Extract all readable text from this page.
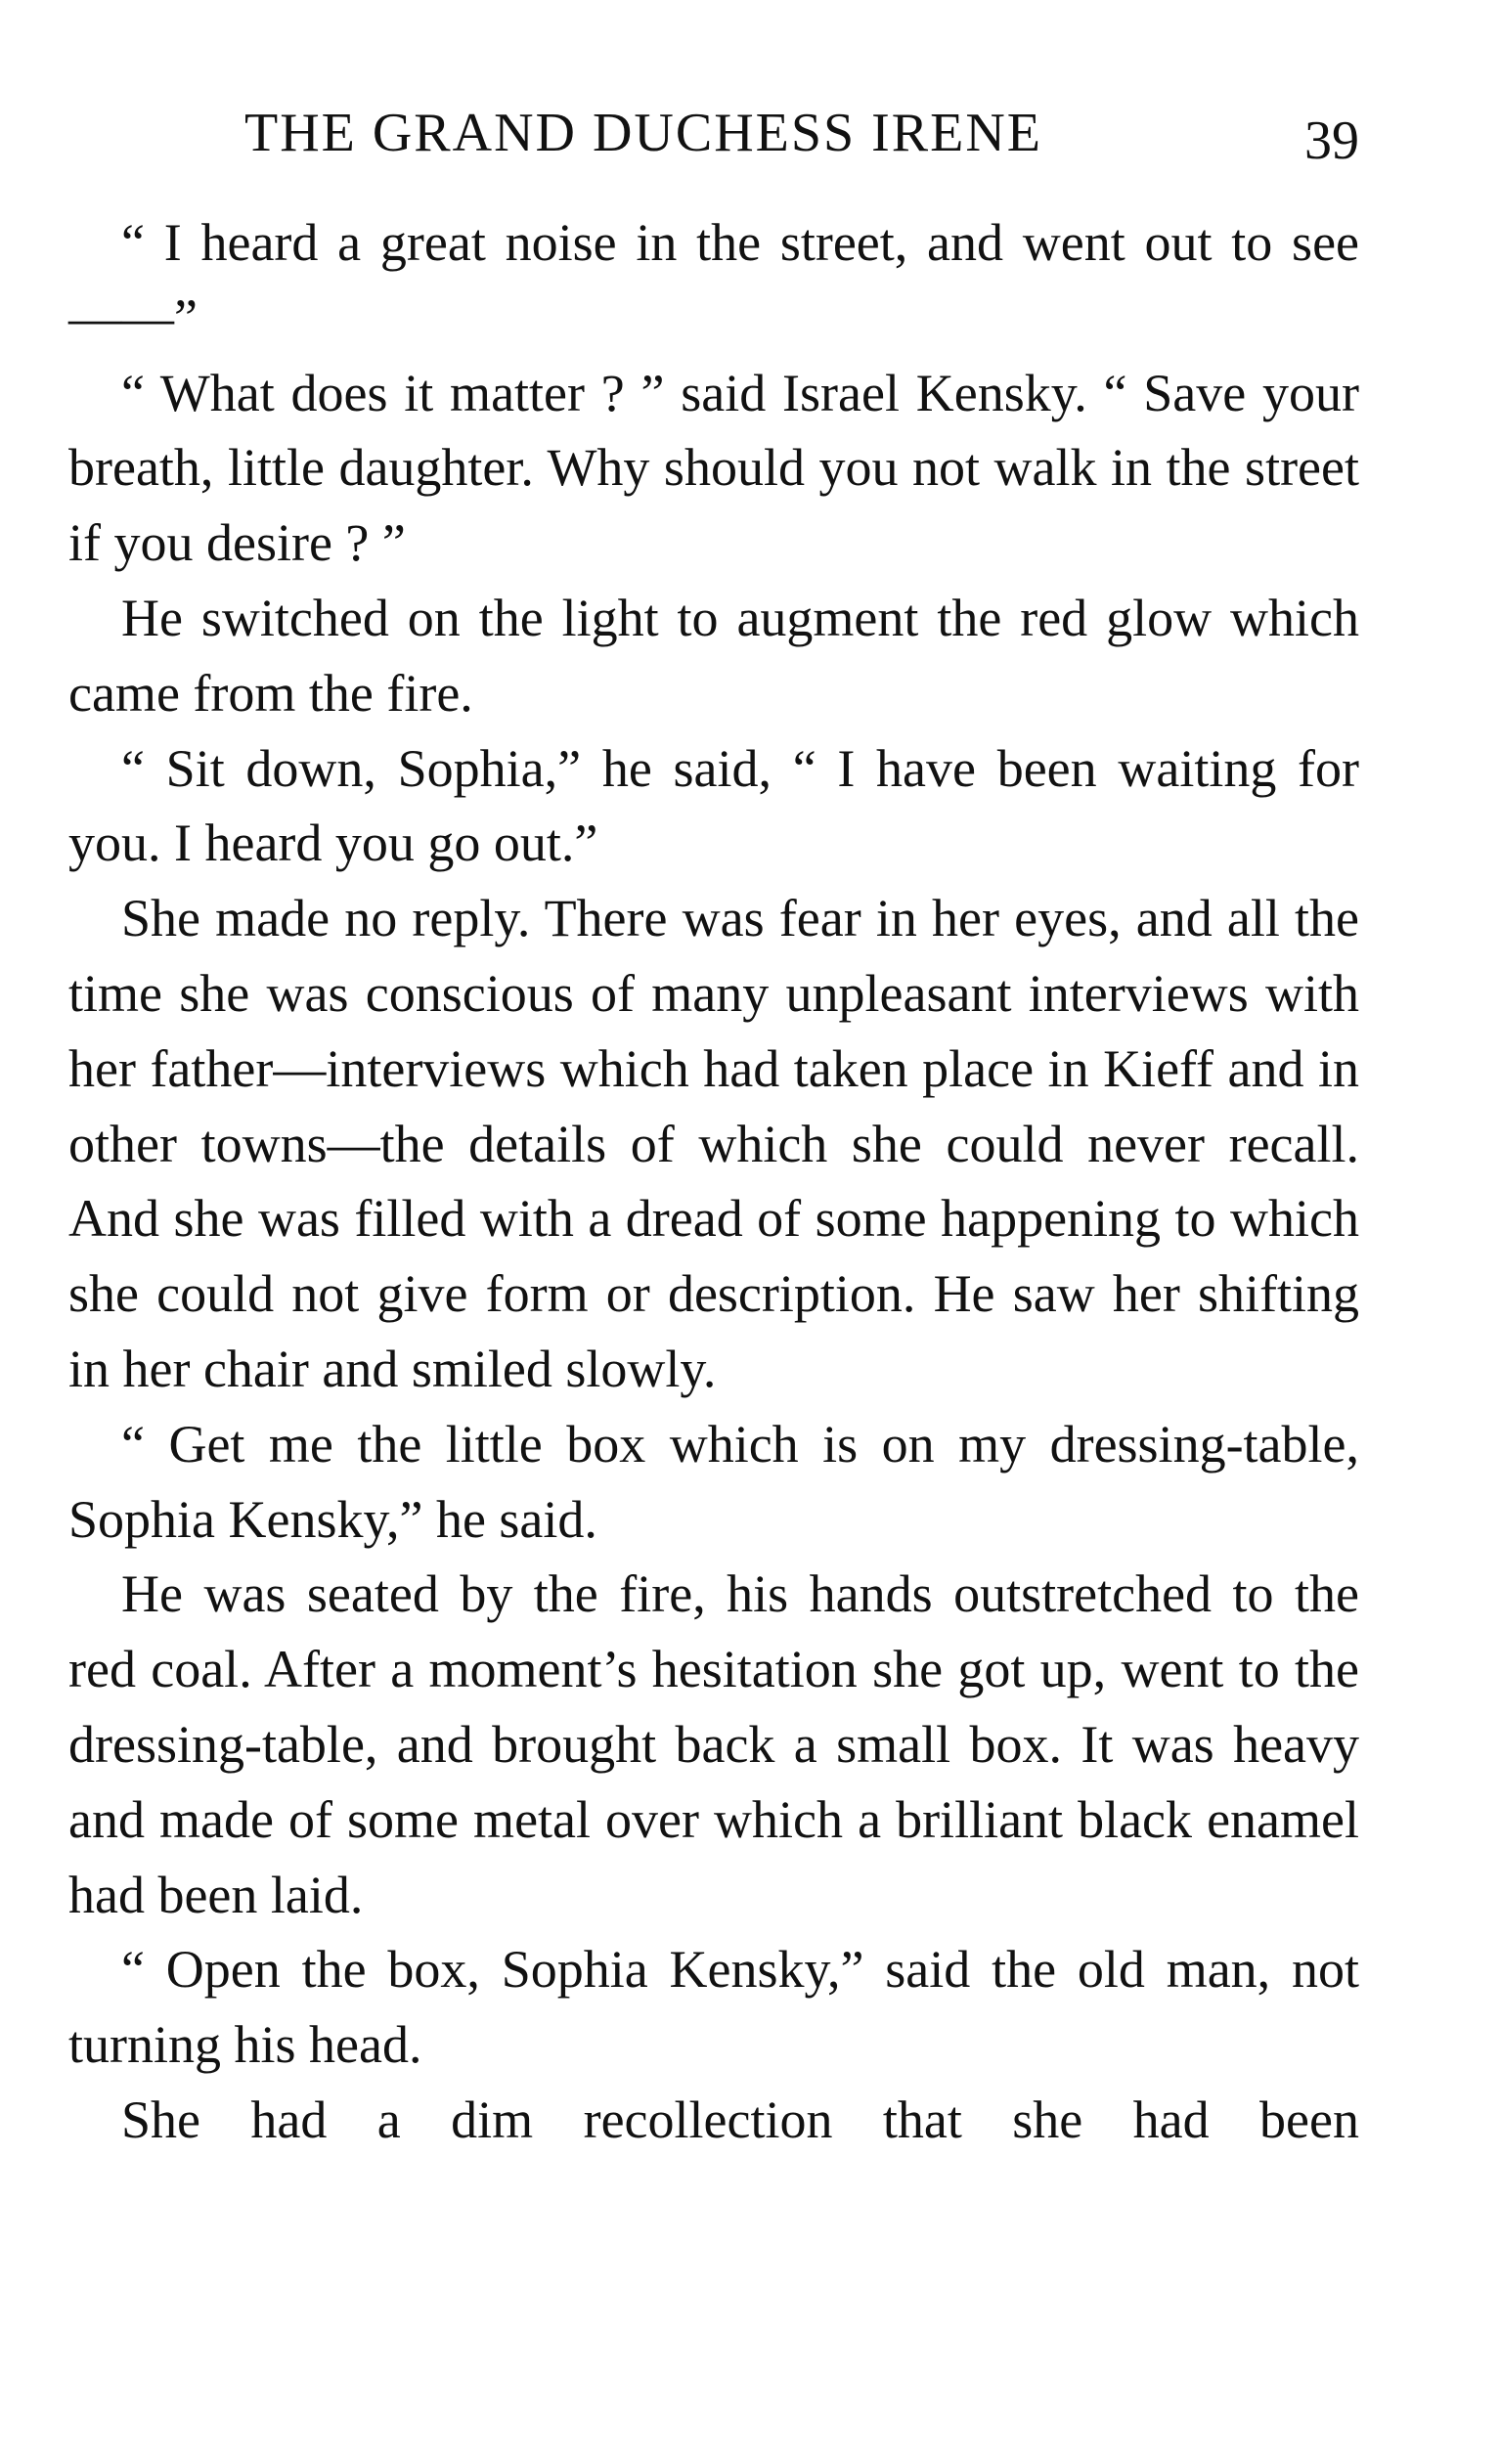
THE GRAND DUCHESS IRENE	39

“ I heard a great noise in the street, and went out to see——”

“ What does it matter ? ” said Israel Kensky. “ Save your breath, little daughter. Why should you not walk in the street if you desire ? ”

He switched on the light to augment the red glow which came from the fire.

“ Sit down, Sophia,” he said, “ I have been waiting for you. I heard you go out.”

She made no reply. There was fear in her eyes, and all the time she was conscious of many unpleasant interviews with her father—interviews which had taken place in Kieff and in other towns—the details of which she could never recall. And she was filled with a dread of some happening to which she could not give form or description. He saw her shifting in her chair and smiled slowly.

“ Get me the little box which is on my dressing-table, Sophia Kensky,” he said.

He was seated by the fire, his hands outstretched to the red coal. After a moment’s hesitation she got up, went to the dressing-table, and brought back a small box. It was heavy and made of some metal over which a brilliant black enamel had been laid.

“ Open the box, Sophia Kensky,” said the old man, not turning his head.

She had a dim recollection that she had been
